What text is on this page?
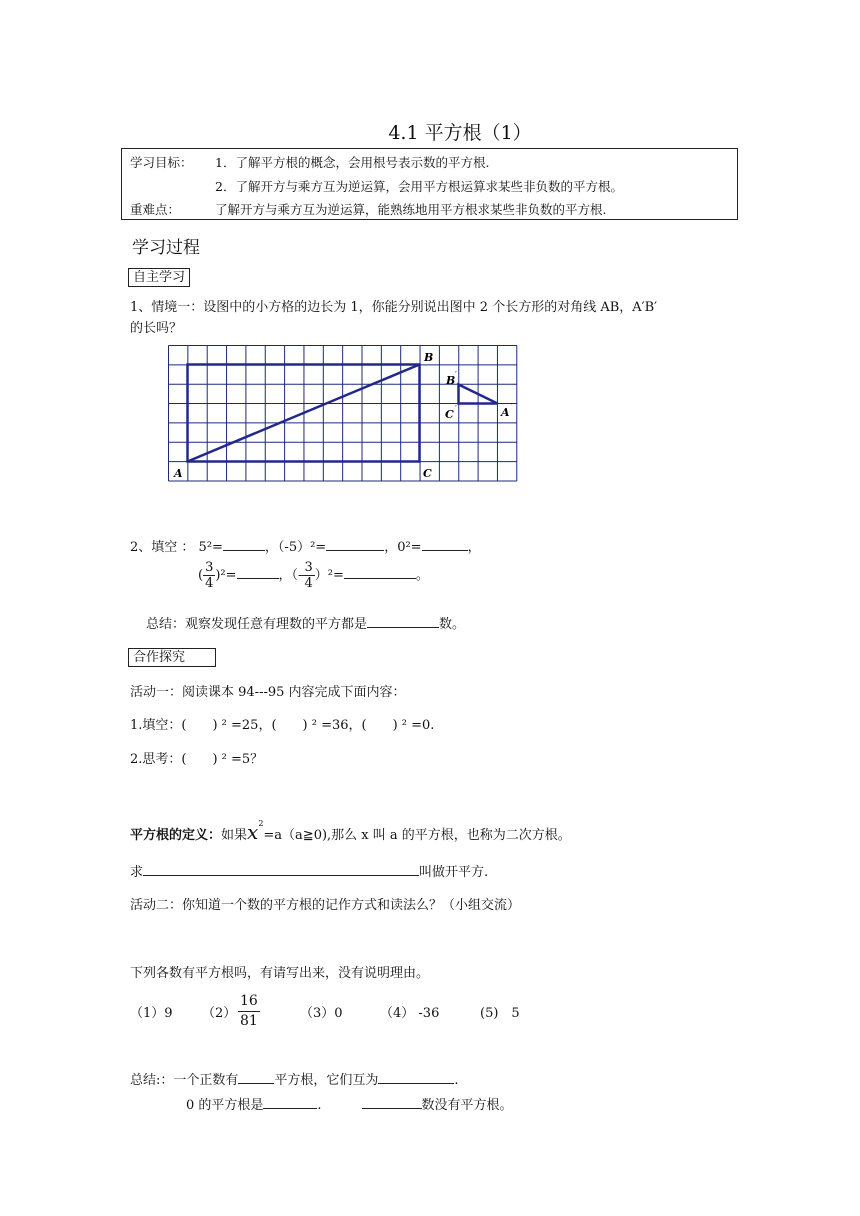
4.1 平方根（1）
学习目标： 1．了解平方根的概念，会用根号表示数的平方根.
2．了解开方与乘方互为逆运算，会用平方根运算求某些非负数的平方根。
重难点：	了解开方与乘方互为逆运算，能熟练地用平方根求某些非负数的平方根.
学习过程
自主学习
1、情境一：设图中的小方格的边长为 1，你能分别说出图中 2 个长方形的对角线 AB，A′B′
的长吗？
A
B
C
B ′
C ′	A ′
2、填空 ： 5²=	，（-5）²=	，0²=	，
( $\frac{3}{4} )^2=$	，（- $\frac{3}{4} )^2=$	。
总结：观察发现任意有理数的平方都是	数。
合作探究
活动一：阅读课本 94---95 内容完成下面内容：
1.填空：(　　) ² =25，(　　) ² =36，(　　) ² =0.
2.思考：(　　) ² =5？
平方根的定义：如果$x^2=a(a≧0)$,那么 x 叫 a 的平方根，也称为二次方根。
求	叫做开平方.
活动二：你知道一个数的平方根的记作方式和读法么？（小组交流）
下列各数有平方根吗，有请写出来，没有说明理由。
（1）9 $(2) \frac{16}{81}$	（3）0	（4） -36	(5)　5
总结:：一个正数有	平方根，它们互为	.
0 的平方根是	.	数没有平方根。
